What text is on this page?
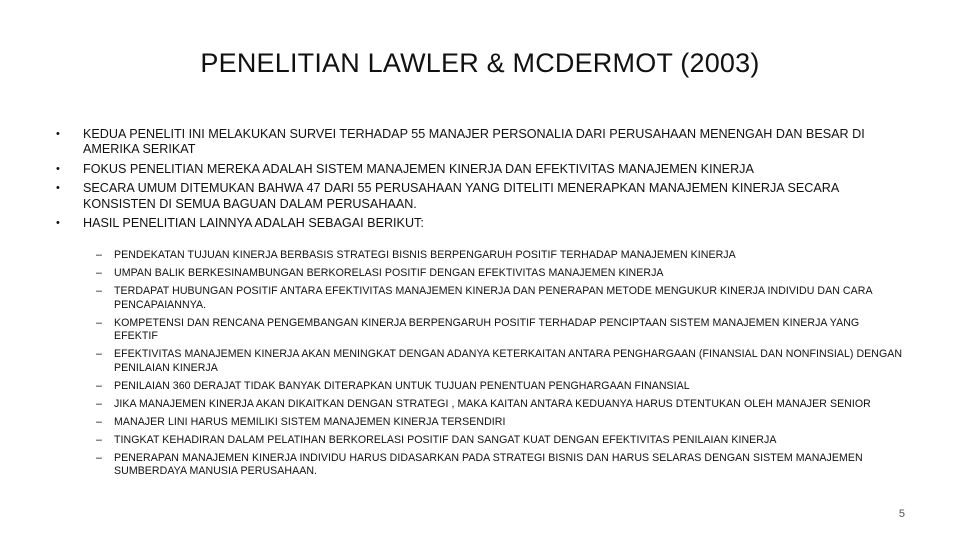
PENELITIAN LAWLER & MCDERMOT (2003)
• KEDUA PENELITI INI MELAKUKAN SURVEI TERHADAP 55 MANAJER PERSONALIA DARI PERUSAHAAN MENENGAH DAN BESAR DI AMERIKA SERIKAT
• FOKUS PENELITIAN MEREKA ADALAH SISTEM MANAJEMEN KINERJA DAN EFEKTIVITAS MANAJEMEN KINERJA
• SECARA UMUM DITEMUKAN BAHWA 47 DARI 55 PERUSAHAAN YANG DITELITI MENERAPKAN MANAJEMEN KINERJA SECARA KONSISTEN DI SEMUA BAGUAN DALAM PERUSAHAAN.
• HASIL PENELITIAN LAINNYA ADALAH SEBAGAI BERIKUT:
– PENDEKATAN TUJUAN KINERJA BERBASIS STRATEGI BISNIS BERPENGARUH POSITIF TERHADAP MANAJEMEN KINERJA
– UMPAN BALIK BERKESINAMBUNGAN BERKORELASI POSITIF DENGAN EFEKTIVITAS MANAJEMEN KINERJA
– TERDAPAT HUBUNGAN POSITIF ANTARA EFEKTIVITAS MANAJEMEN KINERJA DAN PENERAPAN METODE MENGUKUR KINERJA INDIVIDU DAN CARA PENCAPAIANNYA.
– KOMPETENSI DAN RENCANA PENGEMBANGAN KINERJA BERPENGARUH POSITIF TERHADAP PENCIPTAAN SISTEM MANAJEMEN KINERJA YANG EFEKTIF
– EFEKTIVITAS MANAJEMEN KINERJA AKAN MENINGKAT DENGAN ADANYA KETERKAITAN ANTARA PENGHARGAAN (FINANSIAL DAN NONFINSIAL) DENGAN PENILAIAN KINERJA
– PENILAIAN 360 DERAJAT TIDAK BANYAK DITERAPKAN UNTUK TUJUAN PENENTUAN PENGHARGAAN FINANSIAL
– JIKA MANAJEMEN KINERJA AKAN DIKAITKAN DENGAN STRATEGI , MAKA KAITAN ANTARA KEDUANYA HARUS DTENTUKAN OLEH MANAJER SENIOR
– MANAJER LINI HARUS MEMILIKI SISTEM MANAJEMEN KINERJA TERSENDIRI
– TINGKAT KEHADIRAN DALAM PELATIHAN BERKORELASI POSITIF DAN SANGAT KUAT DENGAN EFEKTIVITAS PENILAIAN KINERJA
– PENERAPAN MANAJEMEN KINERJA INDIVIDU HARUS DIDASARKAN PADA STRATEGI BISNIS DAN HARUS SELARAS DENGAN SISTEM MANAJEMEN SUMBERDAYA MANUSIA PERUSAHAAN.
5
